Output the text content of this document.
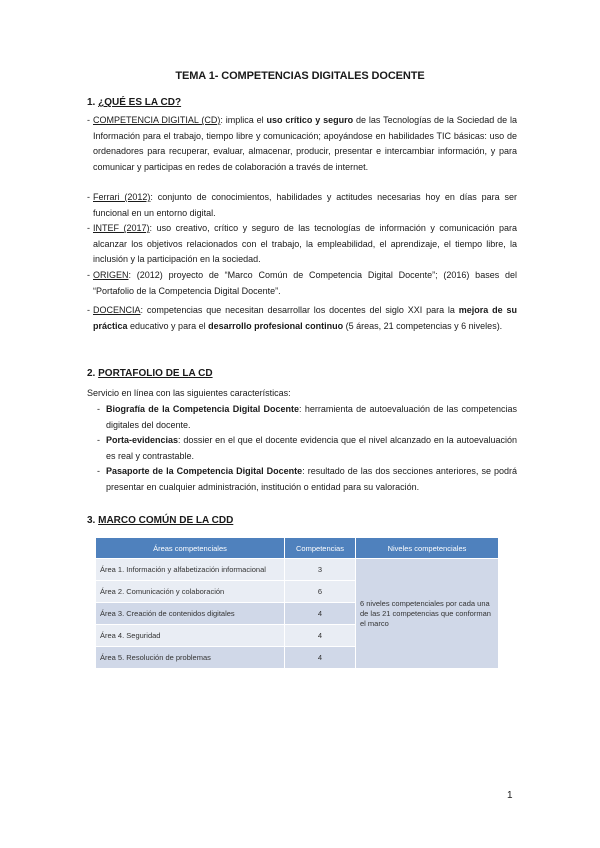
TEMA 1- COMPETENCIAS DIGITALES DOCENTE
1. ¿QUÉ ES LA CD?
- COMPETENCIA DIGITIAL (CD): implica el uso crítico y seguro de las Tecnologías de la Sociedad de la Información para el trabajo, tiempo libre y comunicación; apoyándose en habilidades TIC básicas: uso de ordenadores para recuperar, evaluar, almacenar, producir, presentar e intercambiar información, y para comunicar y participas en redes de colaboración a través de internet.
- Ferrari (2012): conjunto de conocimientos, habilidades y actitudes necesarias hoy en días para ser funcional en un entorno digital.
- INTEF (2017): uso creativo, crítico y seguro de las tecnologías de información y comunicación para alcanzar los objetivos relacionados con el trabajo, la empleabilidad, el aprendizaje, el tiempo libre, la inclusión y la participación en la sociedad.
- ORIGEN: (2012) proyecto de “Marco Común de Competencia Digital Docente”; (2016) bases del “Portafolio de la Competencia Digital Docente”.
- DOCENCIA: competencias que necesitan desarrollar los docentes del siglo XXI para la mejora de su práctica educativo y para el desarrollo profesional continuo (5 áreas, 21 competencias y 6 niveles).
2. PORTAFOLIO DE LA CD
Servicio en línea con las siguientes características:
- Biografía de la Competencia Digital Docente: herramienta de autoevaluación de las competencias digitales del docente.
- Porta-evidencias: dossier en el que el docente evidencia que el nivel alcanzado en la autoevaluación es real y contrastable.
- Pasaporte de la Competencia Digital Docente: resultado de las dos secciones anteriores, se podrá presentar en cualquier administración, institución o entidad para su valoración.
3. MARCO COMÚN DE LA CDD
Áreas competenciales	Competencias	Niveles competenciales
Área 1. Información y alfabetización informacional	3	6 niveles competenciales por cada una de las 21 competencias que conforman el marco
Área 2. Comunicación y colaboración	6	
Área 3. Creación de contenidos digitales	4	
Área 4. Seguridad	4	
Área 5. Resolución de problemas	4	
1
